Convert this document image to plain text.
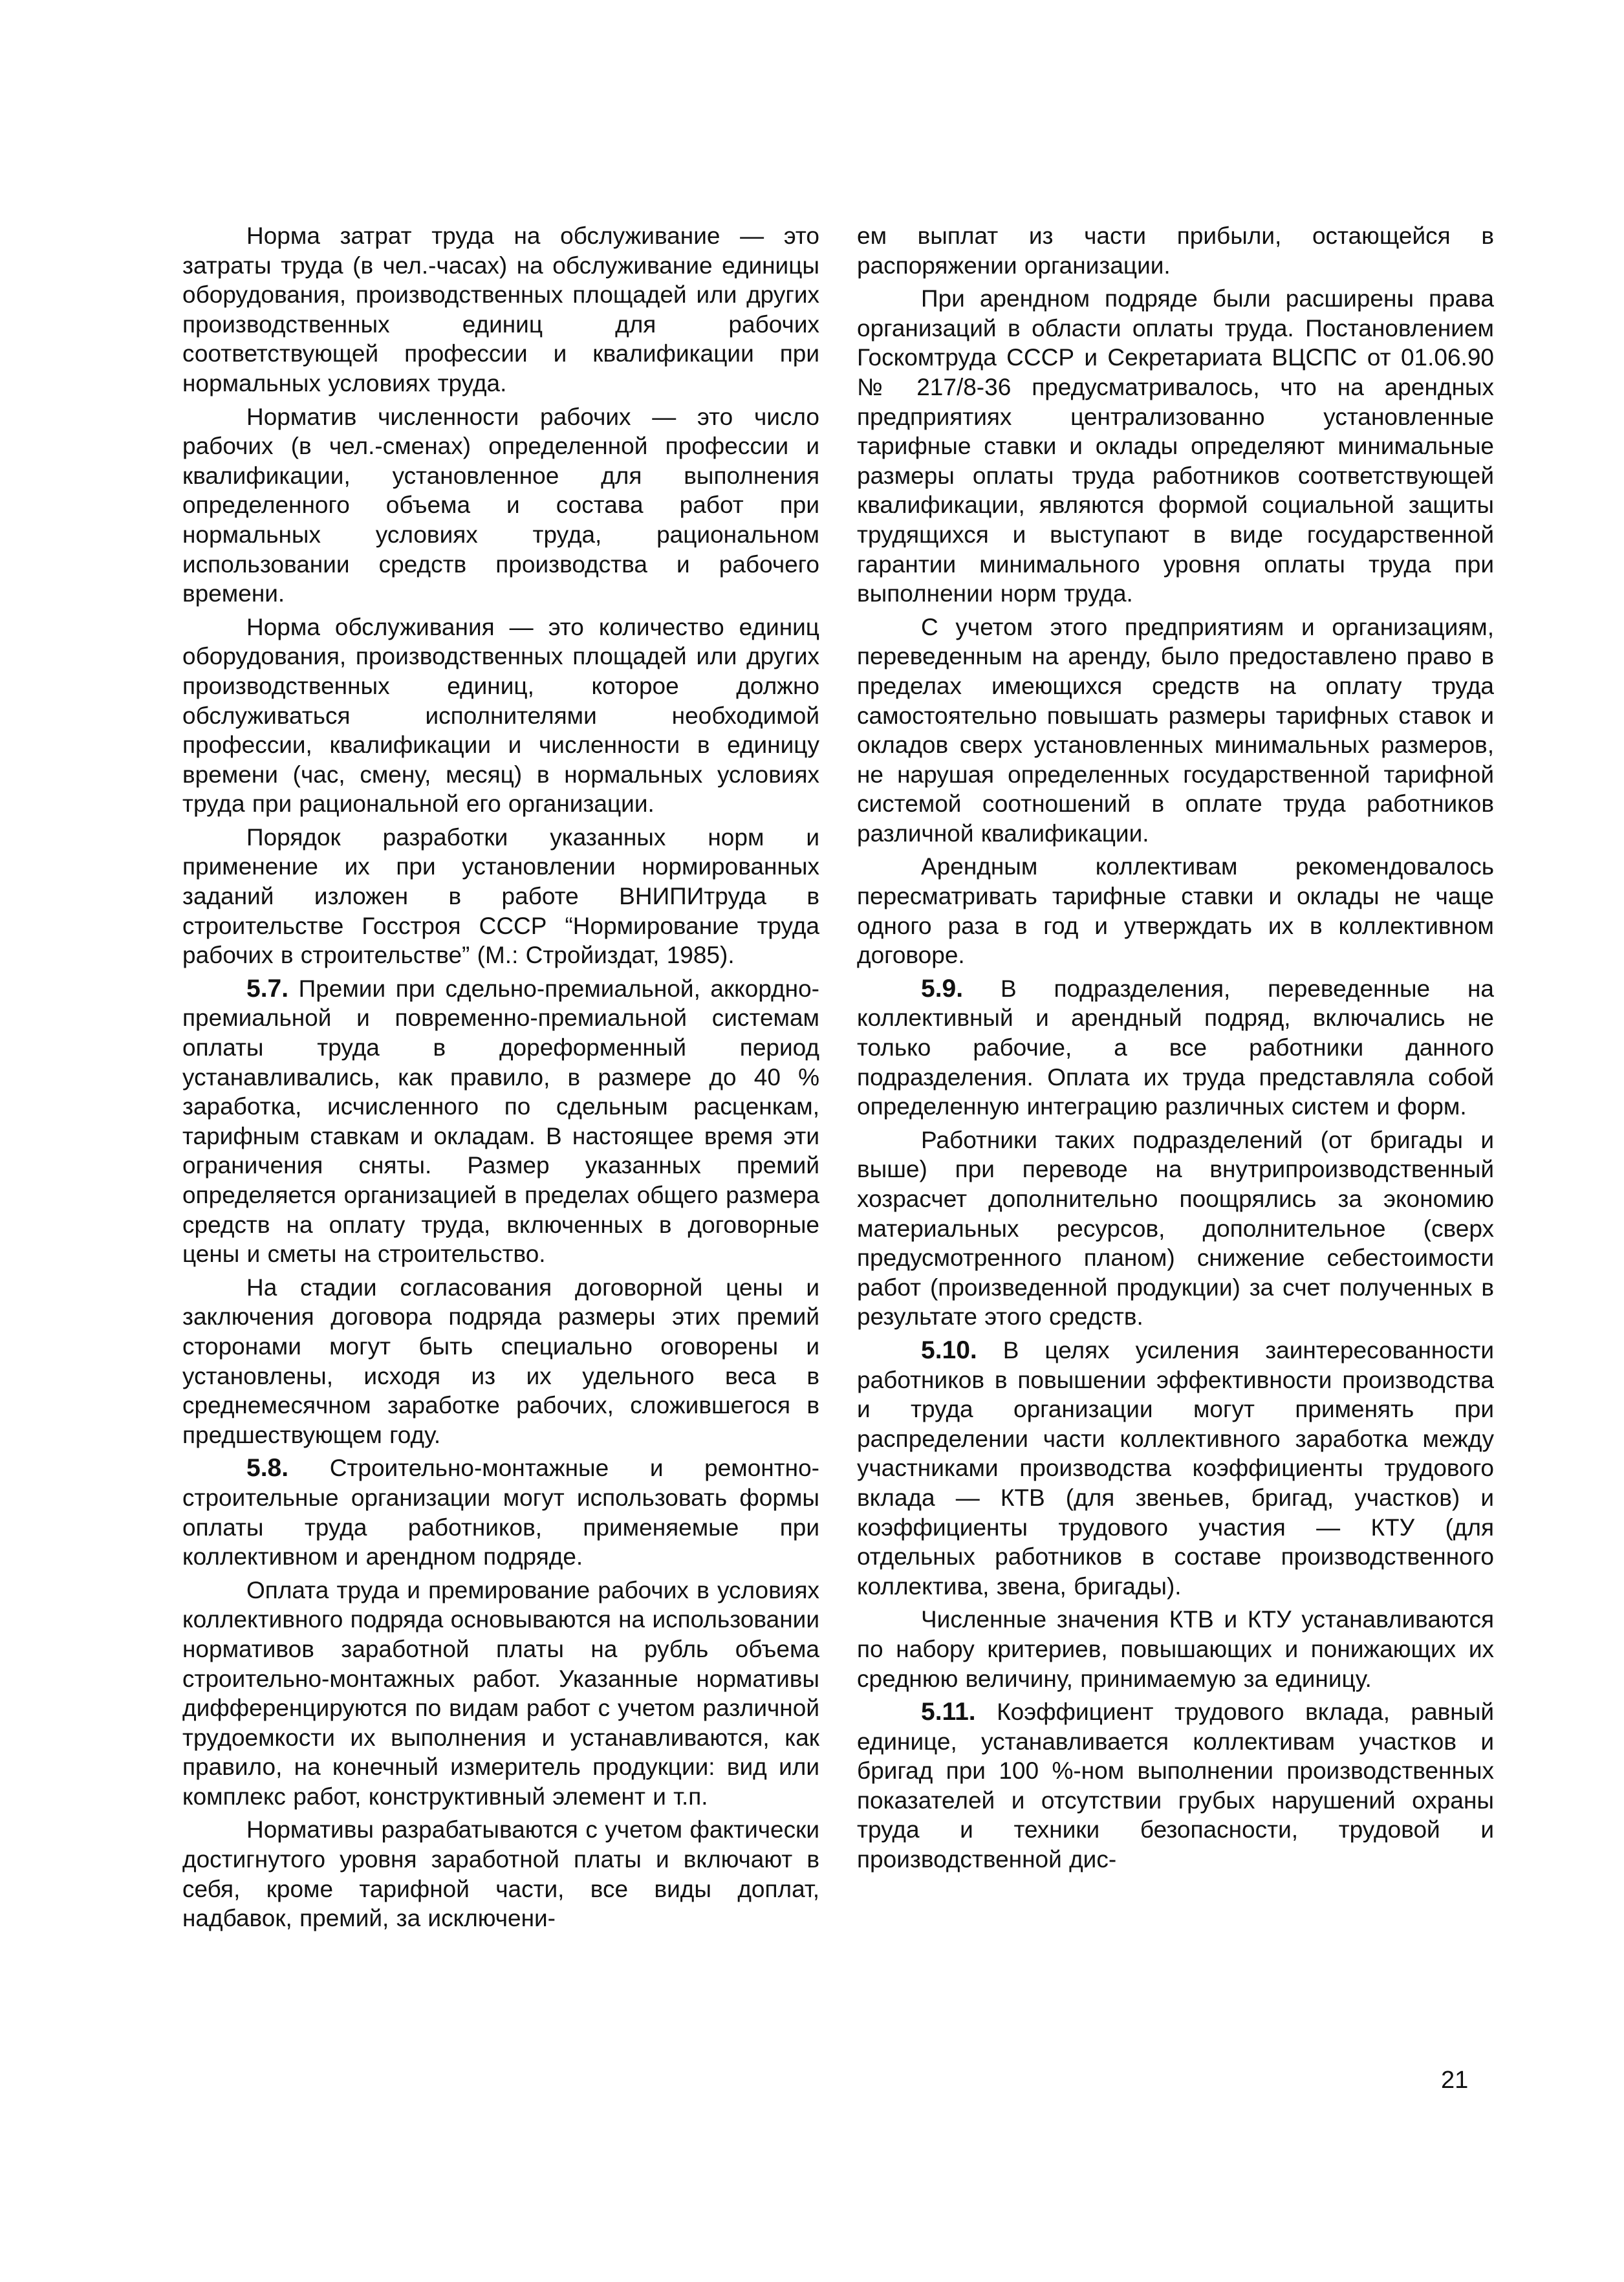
Норма затрат труда на обслуживание — это затраты труда (в чел.-часах) на обслуживание единицы оборудования, производственных площадей или других производственных единиц для рабочих соответствующей профессии и квалификации при нормальных условиях труда.

Норматив численности рабочих — это число рабочих (в чел.-сменах) определенной профессии и квалификации, установленное для выполнения определенного объема и состава работ при нормальных условиях труда, рациональном использовании средств производства и рабочего времени.

Норма обслуживания — это количество единиц оборудования, производственных площадей или других производственных единиц, которое должно обслуживаться исполнителями необходимой профессии, квалификации и численности в единицу времени (час, смену, месяц) в нормальных условиях труда при рациональной его организации.

Порядок разработки указанных норм и применение их при установлении нормированных заданий изложен в работе ВНИПИтруда в строительстве Госстроя СССР “Нормирование труда рабочих в строительстве” (М.: Стройиздат, 1985).

5.7. Премии при сдельно-премиальной, аккордно-премиальной и повременно-премиальной системам оплаты труда в дореформенный период устанавливались, как правило, в размере до 40 % заработка, исчисленного по сдельным расценкам, тарифным ставкам и окладам. В настоящее время эти ограничения сняты. Размер указанных премий определяется организацией в пределах общего размера средств на оплату труда, включенных в договорные цены и сметы на строительство.

На стадии согласования договорной цены и заключения договора подряда размеры этих премий сторонами могут быть специально оговорены и установлены, исходя из их удельного веса в среднемесячном заработке рабочих, сложившегося в предшествующем году.

5.8. Строительно-монтажные и ремонтно-строительные организации могут использовать формы оплаты труда работников, применяемые при коллективном и арендном подряде.

Оплата труда и премирование рабочих в условиях коллективного подряда основываются на использовании нормативов заработной платы на рубль объема строительно-монтажных работ. Указанные нормативы дифференцируются по видам работ с учетом различной трудоемкости их выполнения и устанавливаются, как правило, на конечный измеритель продукции: вид или комплекс работ, конструктивный элемент и т.п.

Нормативы разрабатываются с учетом фактически достигнутого уровня заработной платы и включают в себя, кроме тарифной части, все виды доплат, надбавок, премий, за исключени-

ем выплат из части прибыли, остающейся в распоряжении организации.

При арендном подряде были расширены права организаций в области оплаты труда. Постановлением Госкомтруда СССР и Секретариата ВЦСПС от 01.06.90 № 217/8-36 предусматривалось, что на арендных предприятиях централизованно установленные тарифные ставки и оклады определяют минимальные размеры оплаты труда работников соответствующей квалификации, являются формой социальной защиты трудящихся и выступают в виде государственной гарантии минимального уровня оплаты труда при выполнении норм труда.

С учетом этого предприятиям и организациям, переведенным на аренду, было предоставлено право в пределах имеющихся средств на оплату труда самостоятельно повышать размеры тарифных ставок и окладов сверх установленных минимальных размеров, не нарушая определенных государственной тарифной системой соотношений в оплате труда работников различной квалификации.

Арендным коллективам рекомендовалось пересматривать тарифные ставки и оклады не чаще одного раза в год и утверждать их в коллективном договоре.

5.9. В подразделения, переведенные на коллективный и арендный подряд, включались не только рабочие, а все работники данного подразделения. Оплата их труда представляла собой определенную интеграцию различных систем и форм.

Работники таких подразделений (от бригады и выше) при переводе на внутрипроизводственный хозрасчет дополнительно поощрялись за экономию материальных ресурсов, дополнительное (сверх предусмотренного планом) снижение себестоимости работ (произведенной продукции) за счет полученных в результате этого средств.

5.10. В целях усиления заинтересованности работников в повышении эффективности производства и труда организации могут применять при распределении части коллективного заработка между участниками производства коэффициенты трудового вклада — КТВ (для звеньев, бригад, участков) и коэффициенты трудового участия — КТУ (для отдельных работников в составе производственного коллектива, звена, бригады).

Численные значения КТВ и КТУ устанавливаются по набору критериев, повышающих и понижающих их среднюю величину, принимаемую за единицу.

5.11. Коэффициент трудового вклада, равный единице, устанавливается коллективам участков и бригад при 100 %-ном выполнении производственных показателей и отсутствии грубых нарушений охраны труда и техники безопасности, трудовой и производственной дис-

21
